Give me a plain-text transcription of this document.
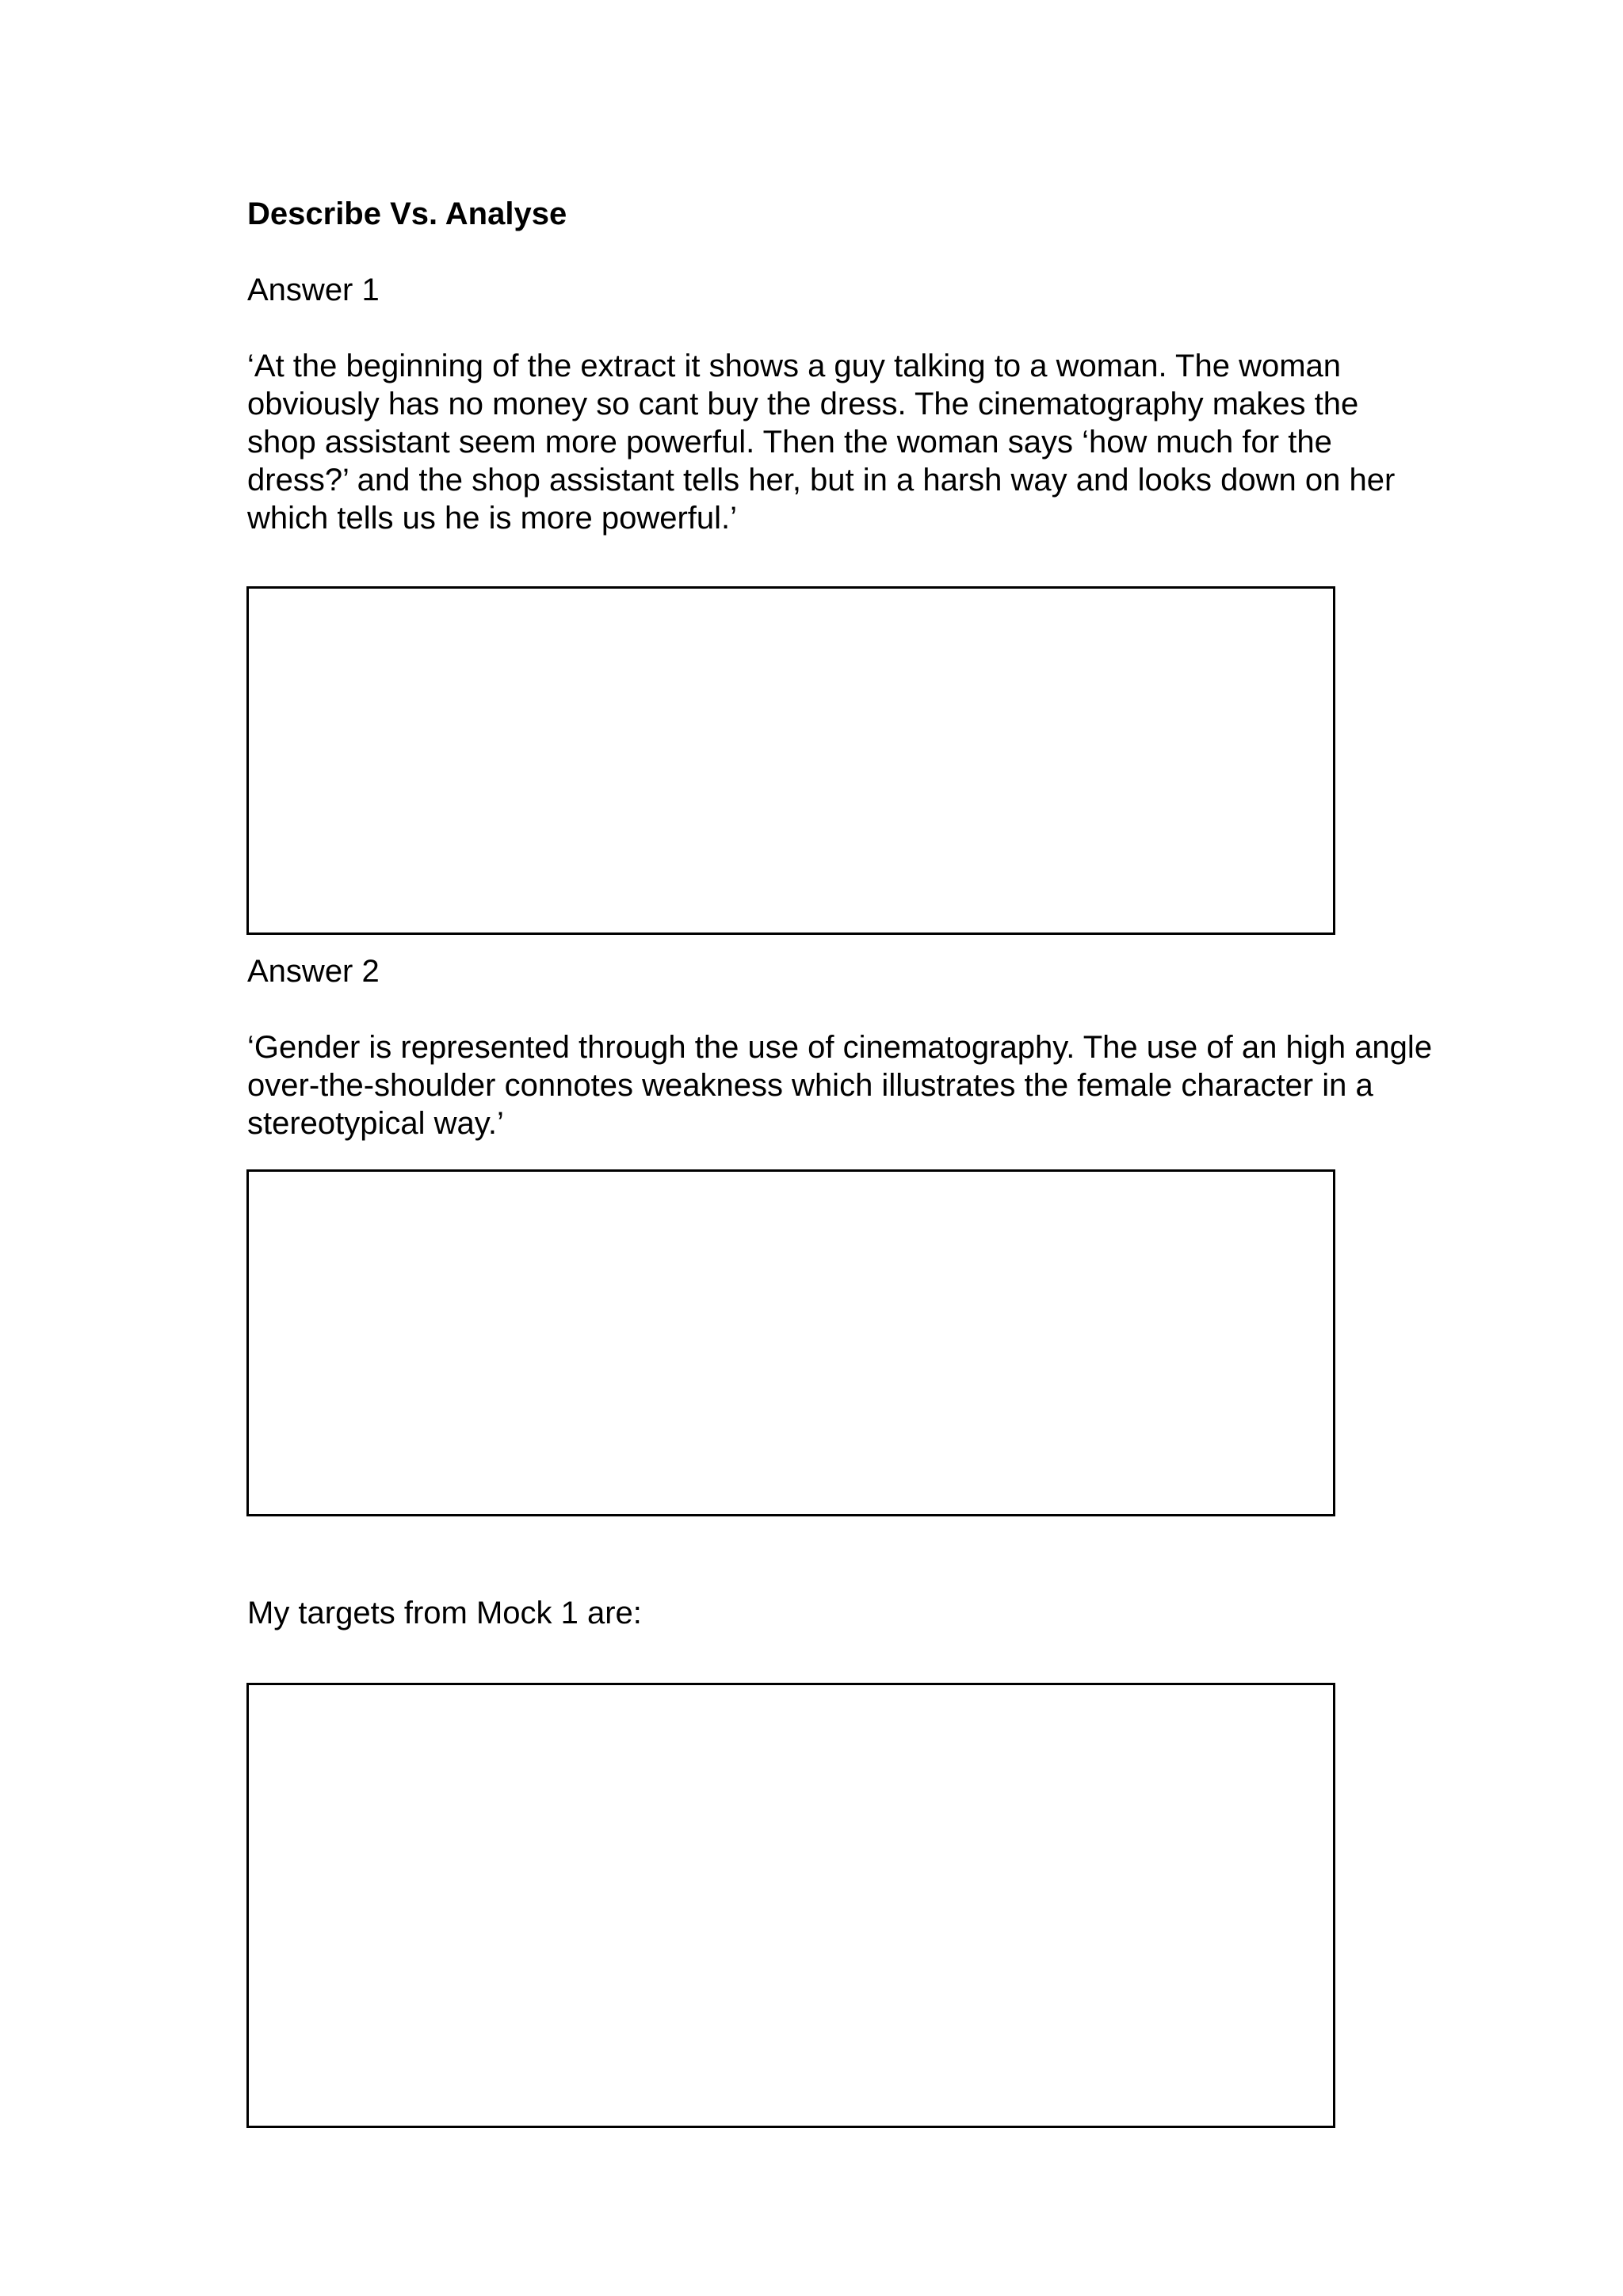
Describe Vs. Analyse

Answer 1

‘At the beginning of the extract it shows a guy talking to a woman. The woman obviously has no money so cant buy the dress. The cinematography makes the shop assistant seem more powerful. Then the woman says ‘how much for the dress?’ and the shop assistant tells her, but in a harsh way and looks down on her which tells us he is more powerful.’

Answer 2

‘Gender is represented through the use of cinematography. The use of an high angle over-the-shoulder connotes weakness which illustrates the female character in a stereotypical way.’

My targets from Mock 1 are:
